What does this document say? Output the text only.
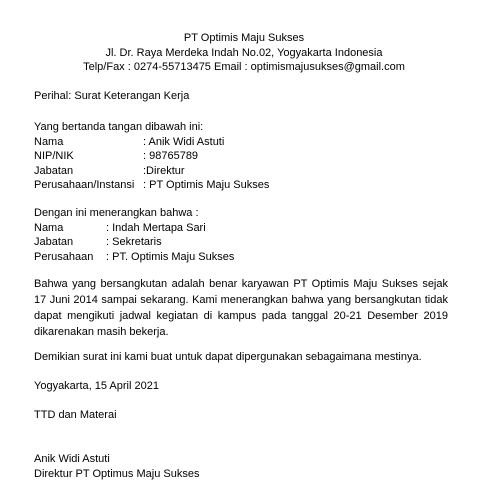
PT Optimis Maju Sukses
Jl. Dr. Raya Merdeka Indah No.02, Yogyakarta Indonesia
Telp/Fax : 0274-55713475 Email : optimismajusukses@gmail.com
Perihal: Surat Keterangan Kerja
Yang bertanda tangan dibawah ini:
Nama	: Anik Widi Astuti
NIP/NIK	: 98765789
Jabatan	:Direktur
Perusahaan/Instansi : PT Optimis Maju Sukses
Dengan ini menerangkan bahwa :
Nama	: Indah Mertapa Sari
Jabatan	: Sekretaris
Perusahaan	: PT. Optimis Maju Sukses
Bahwa yang bersangkutan adalah benar karyawan PT Optimis Maju Sukses sejak 17 Juni 2014 sampai sekarang. Kami menerangkan bahwa yang bersangkutan tidak dapat mengikuti jadwal kegiatan di kampus pada tanggal 20-21 Desember 2019 dikarenakan masih bekerja.
Demikian surat ini kami buat untuk dapat dipergunakan sebagaimana mestinya.
Yogyakarta, 15 April 2021
TTD dan Materai
Anik Widi Astuti
Direktur PT Optimus Maju Sukses
